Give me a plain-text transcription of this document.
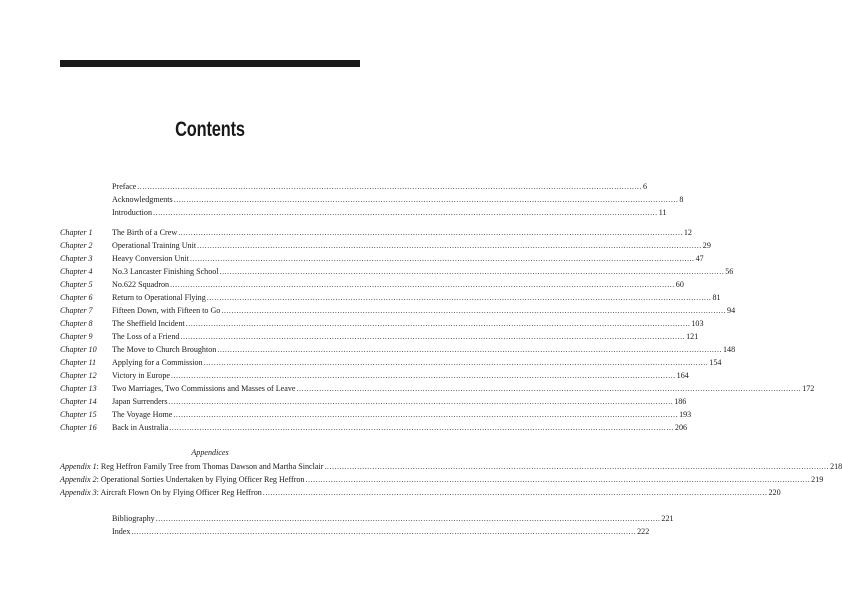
Contents
Preface ........................................................................................................................................................................................................ 6
Acknowledgments ........................................................................................................................................................................................................ 8
Introduction ........................................................................................................................................................................................................ 11
Chapter 1	The Birth of a Crew ........................................................................................................................................................................................................ 12
Chapter 2	Operational Training Unit ........................................................................................................................................................................................................ 29
Chapter 3	Heavy Conversion Unit ........................................................................................................................................................................................................ 47
Chapter 4	No.3 Lancaster Finishing School ........................................................................................................................................................................................................ 56
Chapter 5	No.622 Squadron ........................................................................................................................................................................................................ 60
Chapter 6	Return to Operational Flying ........................................................................................................................................................................................................ 81
Chapter 7	Fifteen Down, with Fifteen to Go ........................................................................................................................................................................................................ 94
Chapter 8	The Sheffield Incident ........................................................................................................................................................................................................ 103
Chapter 9	The Loss of a Friend ........................................................................................................................................................................................................ 121
Chapter 10	The Move to Church Broughton ........................................................................................................................................................................................................ 148
Chapter 11	Applying for a Commission ........................................................................................................................................................................................................ 154
Chapter 12	Victory in Europe ........................................................................................................................................................................................................ 164
Chapter 13	Two Marriages, Two Commissions and Masses of Leave ........................................................................................................................................................................................................ 172
Chapter 14	Japan Surrenders ........................................................................................................................................................................................................ 186
Chapter 15	The Voyage Home ........................................................................................................................................................................................................ 193
Chapter 16	Back in Australia ........................................................................................................................................................................................................ 206
Appendices
Appendix 1: Reg Heffron Family Tree from Thomas Dawson and Martha Sinclair ........................................................................................................................................................................................................ 218
Appendix 2: Operational Sorties Undertaken by Flying Officer Reg Heffron ........................................................................................................................................................................................................ 219
Appendix 3: Aircraft Flown On by Flying Officer Reg Heffron ........................................................................................................................................................................................................ 220
Bibliography ........................................................................................................................................................................................................ 221
Index ........................................................................................................................................................................................................ 222
